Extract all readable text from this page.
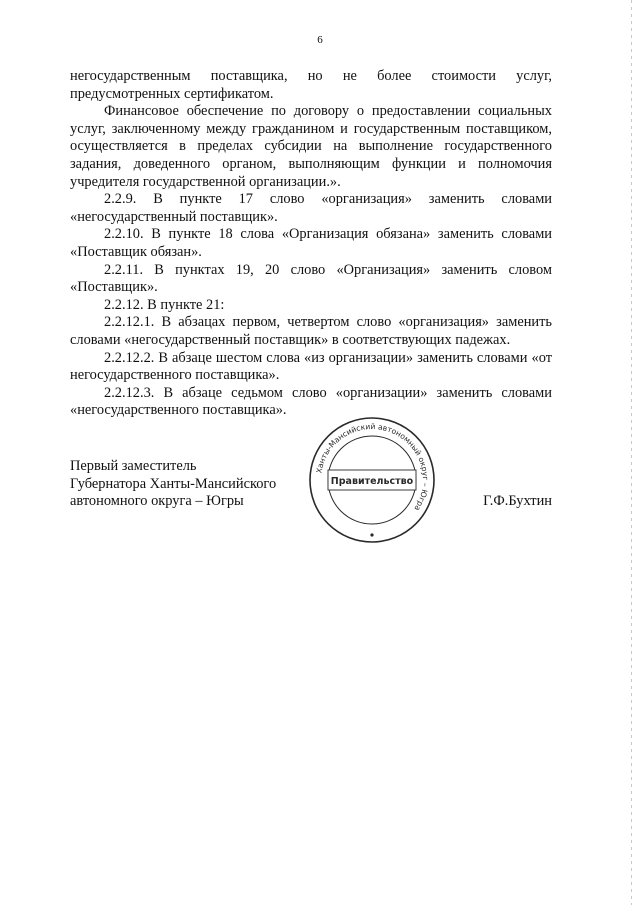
6

негосударственным поставщика, но не более стоимости услуг, предусмотренных сертификатом.

Финансовое обеспечение по договору о предоставлении социальных услуг, заключенному между гражданином и государственным поставщиком, осуществляется в пределах субсидии на выполнение государственного задания, доведенного органом, выполняющим функции и полномочия учредителя государственной организации.».

2.2.9. В пункте 17 слово «организация» заменить словами «негосударственный поставщик».

2.2.10. В пункте 18 слова «Организация обязана» заменить словами «Поставщик обязан».

2.2.11. В пунктах 19, 20 слово «Организация» заменить словом «Поставщик».

2.2.12. В пункте 21:

2.2.12.1. В абзацах первом, четвертом слово «организация» заменить словами «негосударственный поставщик» в соответствующих падежах.

2.2.12.2. В абзаце шестом слова «из организации» заменить словами «от негосударственного поставщика».

2.2.12.3. В абзаце седьмом слово «организации» заменить словами «негосударственного поставщика».

Первый заместитель
Губернатора Ханты-Мансийского
автономного округа – Югры	Г.Ф.Бухтин
Ханты-Мансийский автономный округ – Югра
Правительство
